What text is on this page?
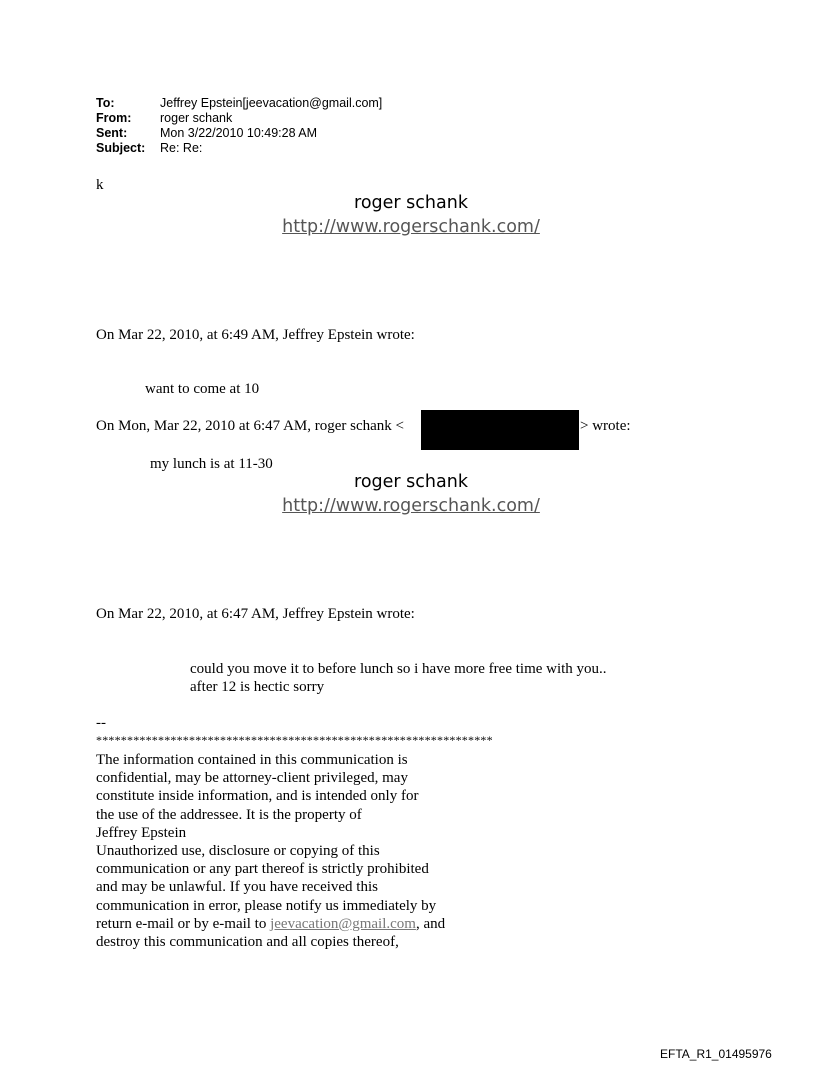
To:	Jeffrey Epstein[jeevacation@gmail.com]
From: roger schank
Sent:	Mon 3/22/2010 10:49:28 AM
Subject: Re: Re:

k

roger schank

http://www.rogerschank.com/

On Mar 22, 2010, at 6:49 AM, Jeffrey Epstein wrote:

want to come at 10

On Mon, Mar 22, 2010 at 6:47 AM, roger schank <	> wrote:

my lunch is at 11-30

roger schank

http://www.rogerschank.com/

On Mar 22, 2010, at 6:47 AM, Jeffrey Epstein wrote:

could you move it to before lunch so i have more free time with you..

after 12 is hectic sorry

--

****************************************************************

The information contained in this communication is
confidential, may be attorney-client privileged, may
constitute inside information, and is intended only for
the use of the addressee. It is the property of
Jeffrey Epstein
Unauthorized use, disclosure or copying of this
communication or any part thereof is strictly prohibited
and may be unlawful. If you have received this
communication in error, please notify us immediately by
return e-mail or by e-mail to jeevacation@gmail.com, and
destroy this communication and all copies thereof,

EFTA_R1_01495976
